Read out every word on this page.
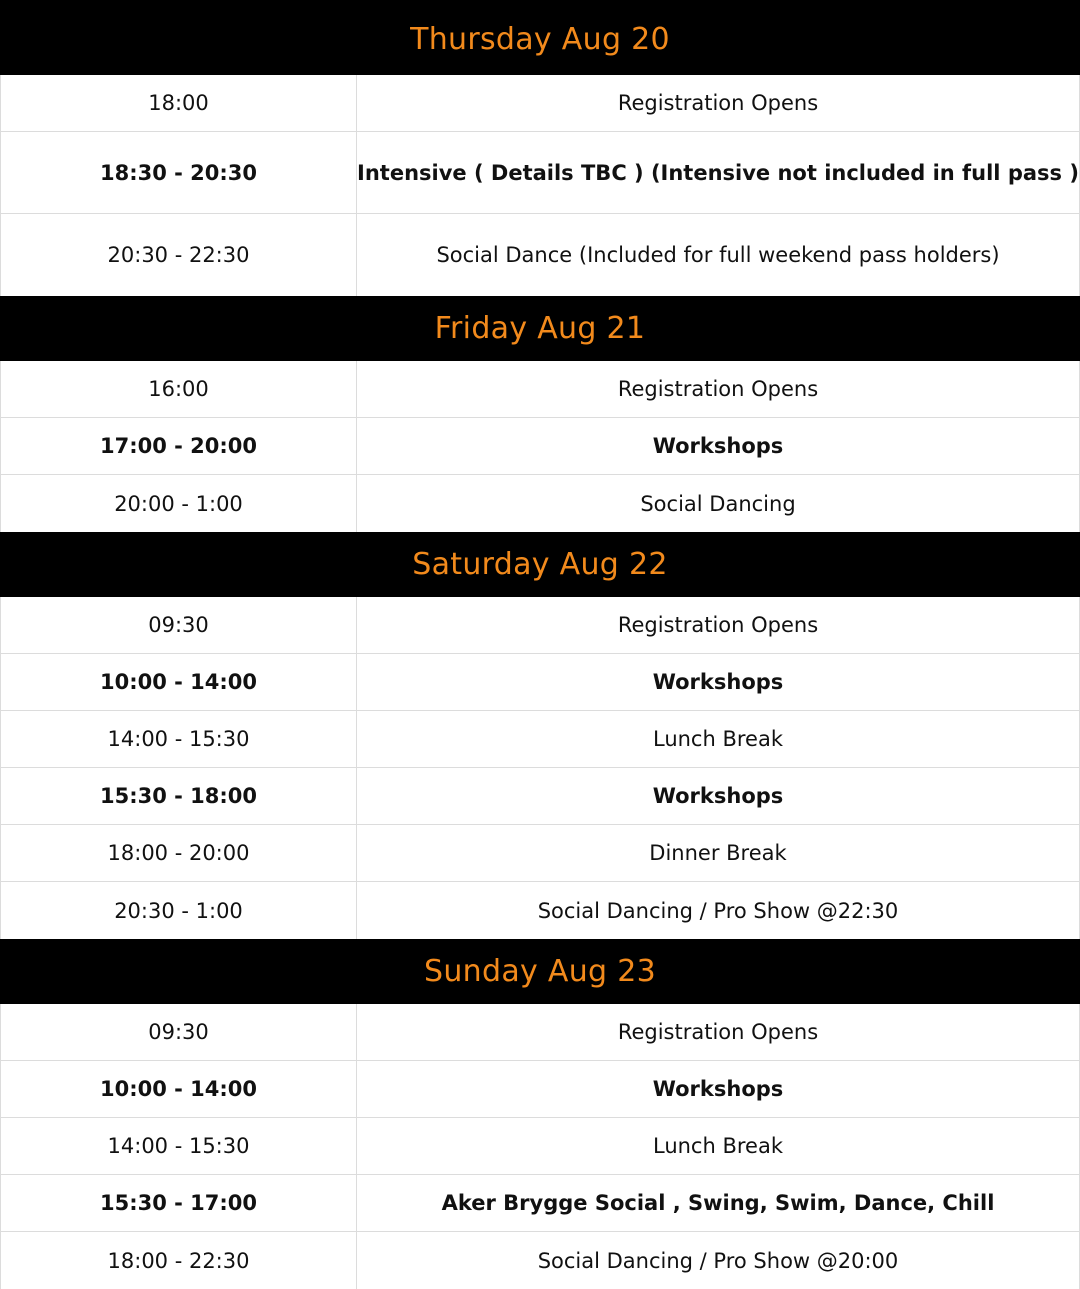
Thursday Aug 20
18:00	Registration Opens
18:30 - 20:30	Intensive ( Details TBC ) (Intensive not included in full pass )
20:30 - 22:30	Social Dance (Included for full weekend pass holders)
Friday Aug 21
16:00	Registration Opens
17:00 - 20:00	Workshops
20:00 - 1:00	Social Dancing
Saturday Aug 22
09:30	Registration Opens
10:00 - 14:00	Workshops
14:00 - 15:30	Lunch Break
15:30 - 18:00	Workshops
18:00 - 20:00	Dinner Break
20:30 - 1:00	Social Dancing / Pro Show @22:30
Sunday Aug 23
09:30	Registration Opens
10:00 - 14:00	Workshops
14:00 - 15:30	Lunch Break
15:30 - 17:00	Aker Brygge Social , Swing, Swim, Dance, Chill
18:00 - 22:30	Social Dancing / Pro Show @20:00
